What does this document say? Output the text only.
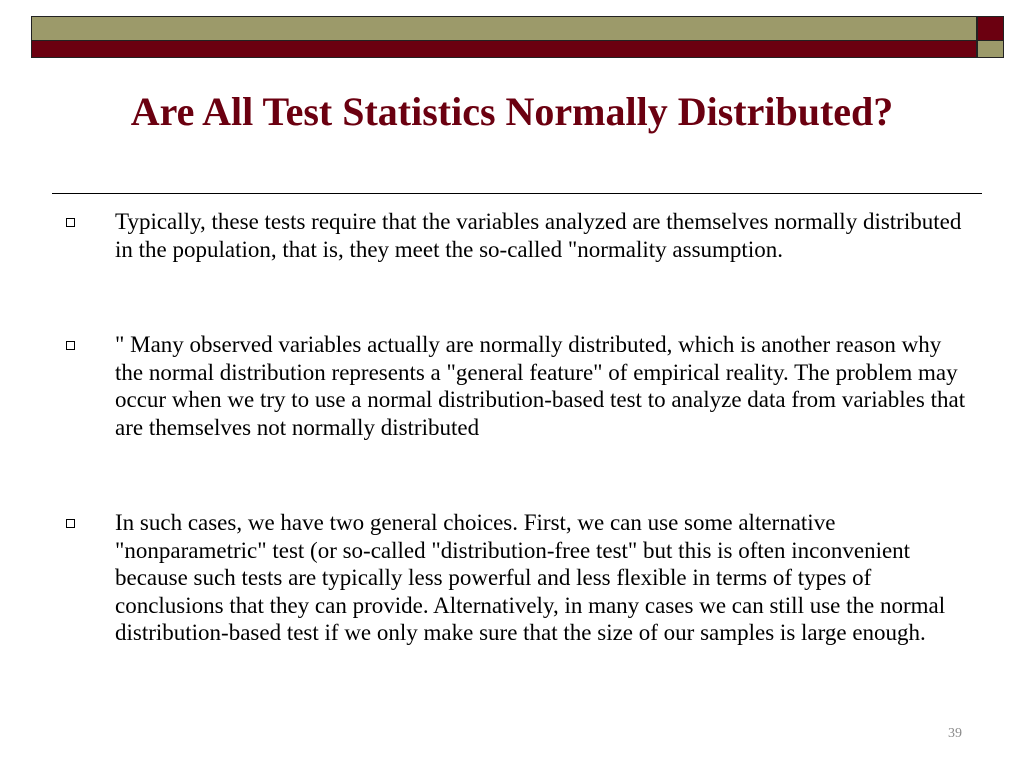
Are All Test Statistics Normally Distributed?

Typically, these tests require that the variables analyzed are themselves normally distributed in the population, that is, they meet the so-called "normality assumption.

" Many observed variables actually are normally distributed, which is another reason why the normal distribution represents a "general feature" of empirical reality. The problem may occur when we try to use a normal distribution-based test to analyze data from variables that are themselves not normally distributed

In such cases, we have two general choices. First, we can use some alternative "nonparametric" test (or so-called "distribution-free test" but this is often inconvenient because such tests are typically less powerful and less flexible in terms of types of conclusions that they can provide. Alternatively, in many cases we can still use the normal distribution-based test if we only make sure that the size of our samples is large enough.

39
